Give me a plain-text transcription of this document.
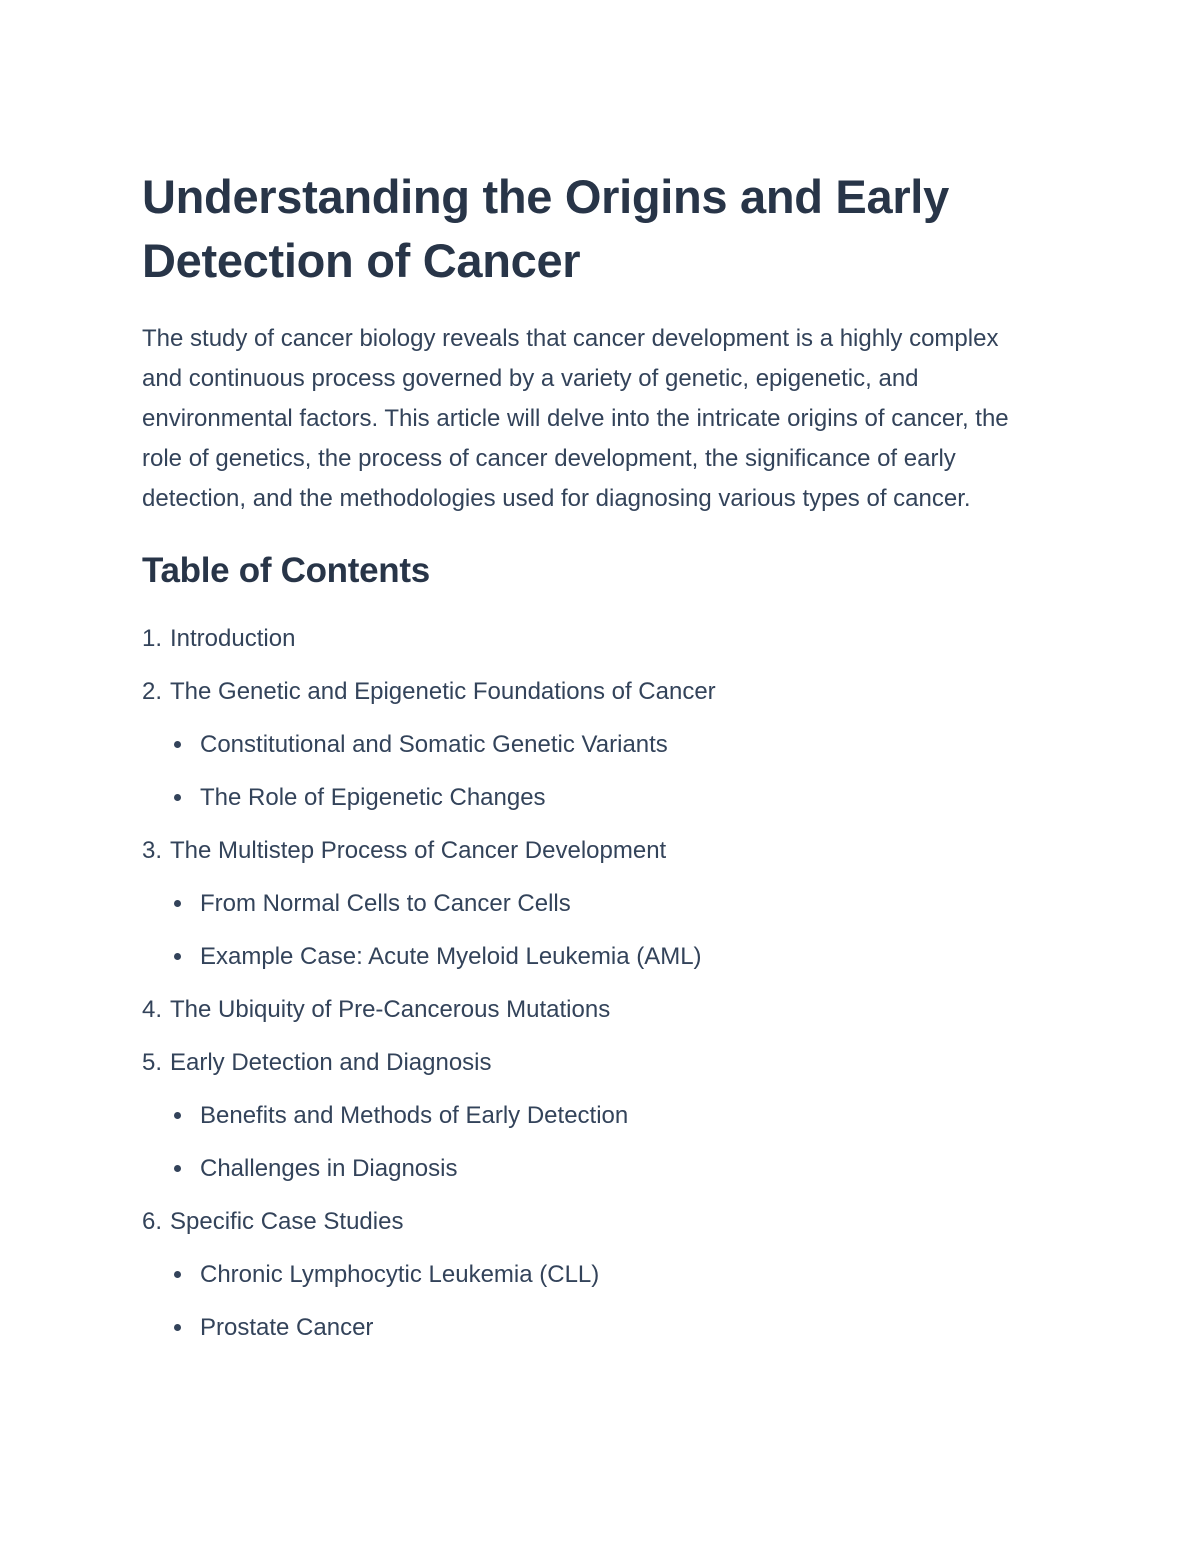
Understanding the Origins and Early Detection of Cancer

The study of cancer biology reveals that cancer development is a highly complex and continuous process governed by a variety of genetic, epigenetic, and environmental factors. This article will delve into the intricate origins of cancer, the role of genetics, the process of cancer development, the significance of early detection, and the methodologies used for diagnosing various types of cancer.

Table of Contents
1. Introduction
2. The Genetic and Epigenetic Foundations of Cancer
Constitutional and Somatic Genetic Variants
The Role of Epigenetic Changes
3. The Multistep Process of Cancer Development
From Normal Cells to Cancer Cells
Example Case: Acute Myeloid Leukemia (AML)
4. The Ubiquity of Pre-Cancerous Mutations
5. Early Detection and Diagnosis
Benefits and Methods of Early Detection
Challenges in Diagnosis
6. Specific Case Studies
Chronic Lymphocytic Leukemia (CLL)
Prostate Cancer
